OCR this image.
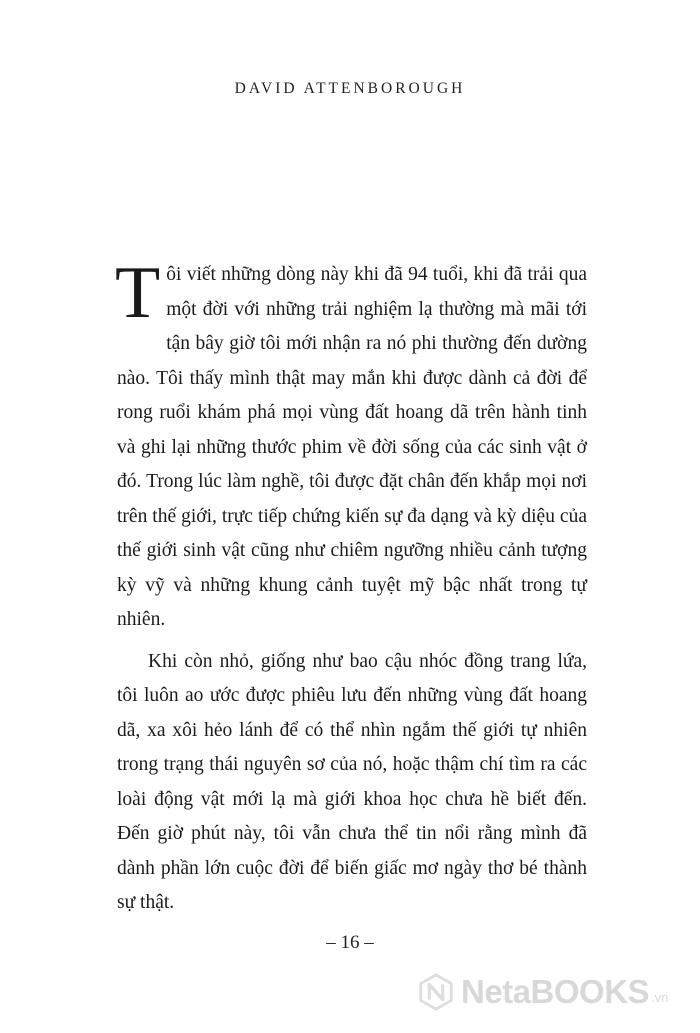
DAVID ATTENBOROUGH

Tôi viết những dòng này khi đã 94 tuổi, khi đã trải qua một đời với những trải nghiệm lạ thường mà mãi tới tận bây giờ tôi mới nhận ra nó phi thường đến dường nào. Tôi thấy mình thật may mắn khi được dành cả đời để rong ruổi khám phá mọi vùng đất hoang dã trên hành tinh và ghi lại những thước phim về đời sống của các sinh vật ở đó. Trong lúc làm nghề, tôi được đặt chân đến khắp mọi nơi trên thế giới, trực tiếp chứng kiến sự đa dạng và kỳ diệu của thế giới sinh vật cũng như chiêm ngưỡng nhiều cảnh tượng kỳ vỹ và những khung cảnh tuyệt mỹ bậc nhất trong tự nhiên.

Khi còn nhỏ, giống như bao cậu nhóc đồng trang lứa, tôi luôn ao ước được phiêu lưu đến những vùng đất hoang dã, xa xôi hẻo lánh để có thể nhìn ngắm thế giới tự nhiên trong trạng thái nguyên sơ của nó, hoặc thậm chí tìm ra các loài động vật mới lạ mà giới khoa học chưa hề biết đến. Đến giờ phút này, tôi vẫn chưa thể tin nổi rằng mình đã dành phần lớn cuộc đời để biến giấc mơ ngày thơ bé thành sự thật.

– 16 –
NetaBOOKS .vn
